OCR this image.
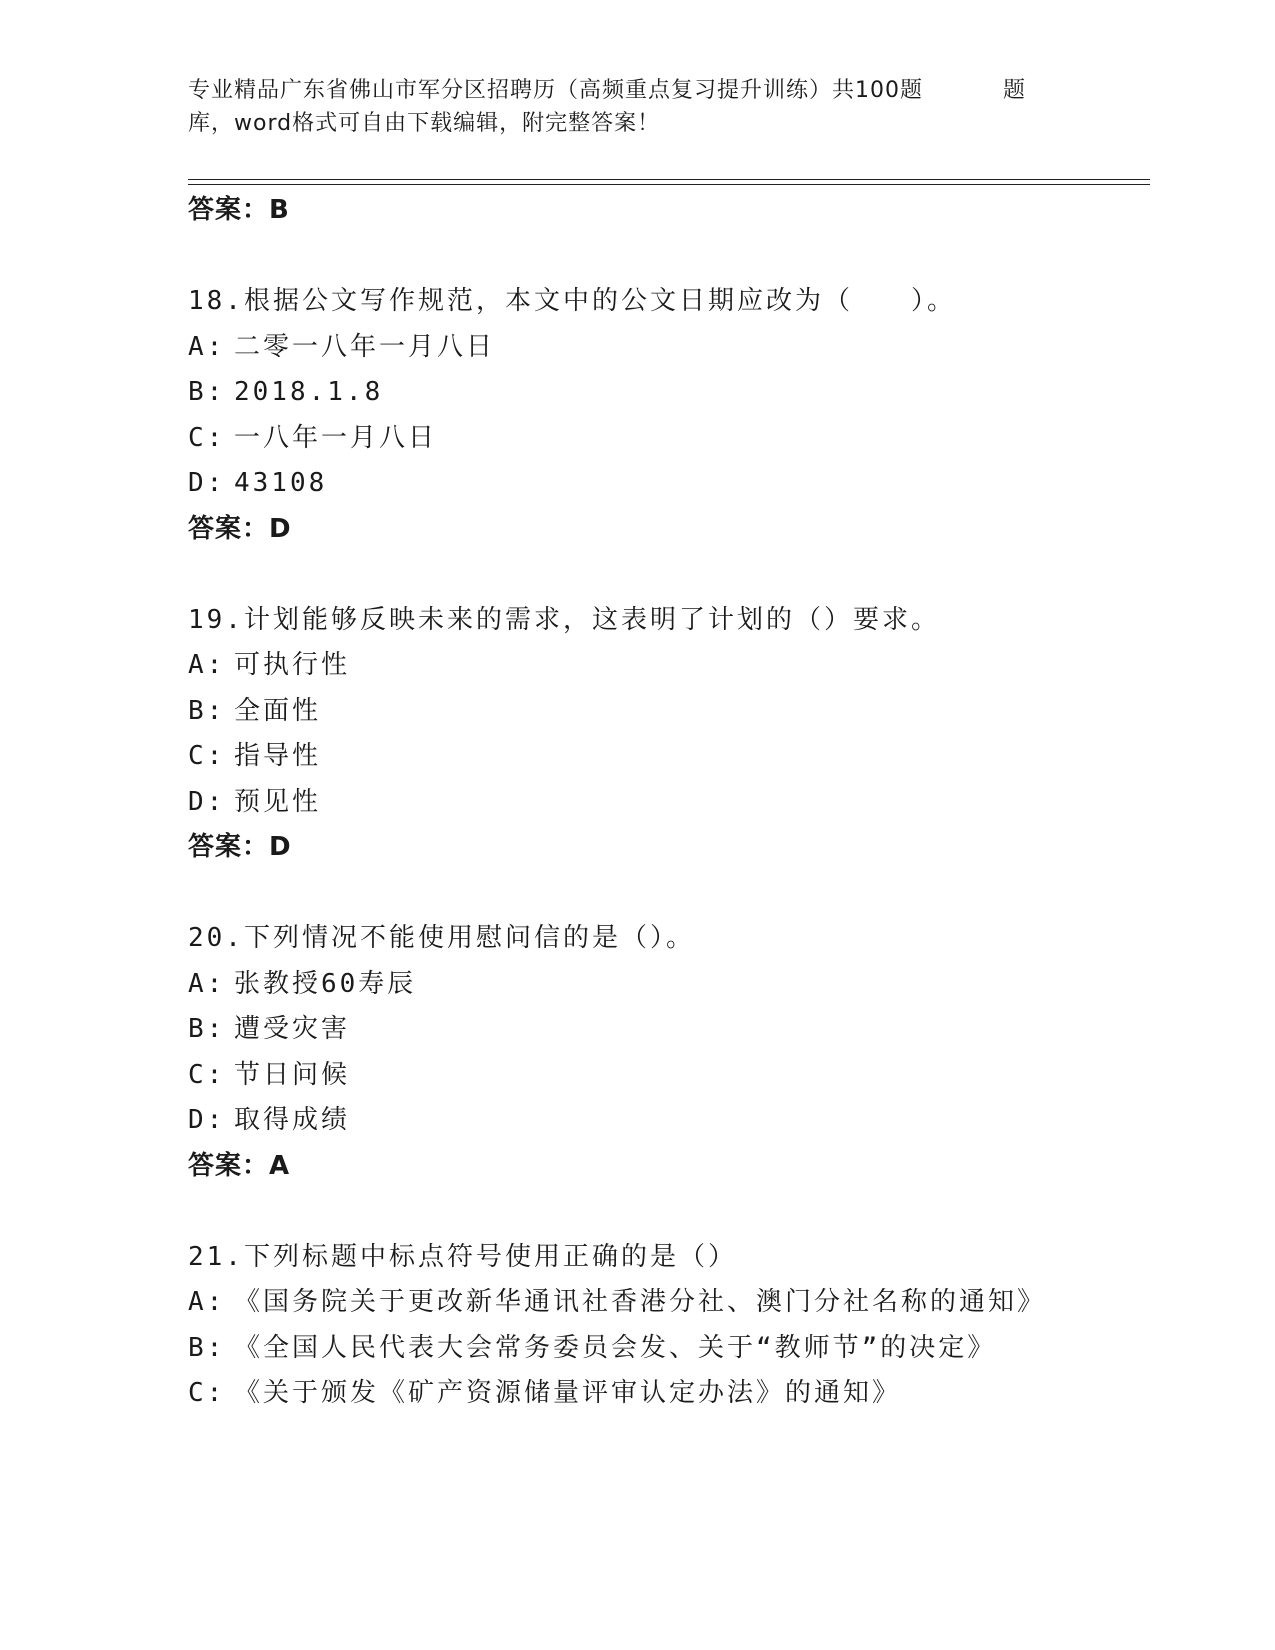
专业精品广东省佛山市军分区招聘历（高频重点复习提升训练）共100题	题
库，word格式可自由下载编辑，附完整答案！
答案：B
18.根据公文写作规范，本文中的公文日期应改为（　　）。
A: 二零一八年一月八日
B: 2018.1.8
C: 一八年一月八日
D: 43108
答案：D
19.计划能够反映未来的需求，这表明了计划的（）要求。
A: 可执行性
B: 全面性
C: 指导性
D: 预见性
答案：D
20.下列情况不能使用慰问信的是（）。
A: 张教授60寿辰
B: 遭受灾害
C: 节日问候
D: 取得成绩
答案：A
21.下列标题中标点符号使用正确的是（）
A: 《国务院关于更改新华通讯社香港分社、澳门分社名称的通知》
B: 《全国人民代表大会常务委员会发、关于“教师节”的决定》
C: 《关于颁发《矿产资源储量评审认定办法》的通知》
